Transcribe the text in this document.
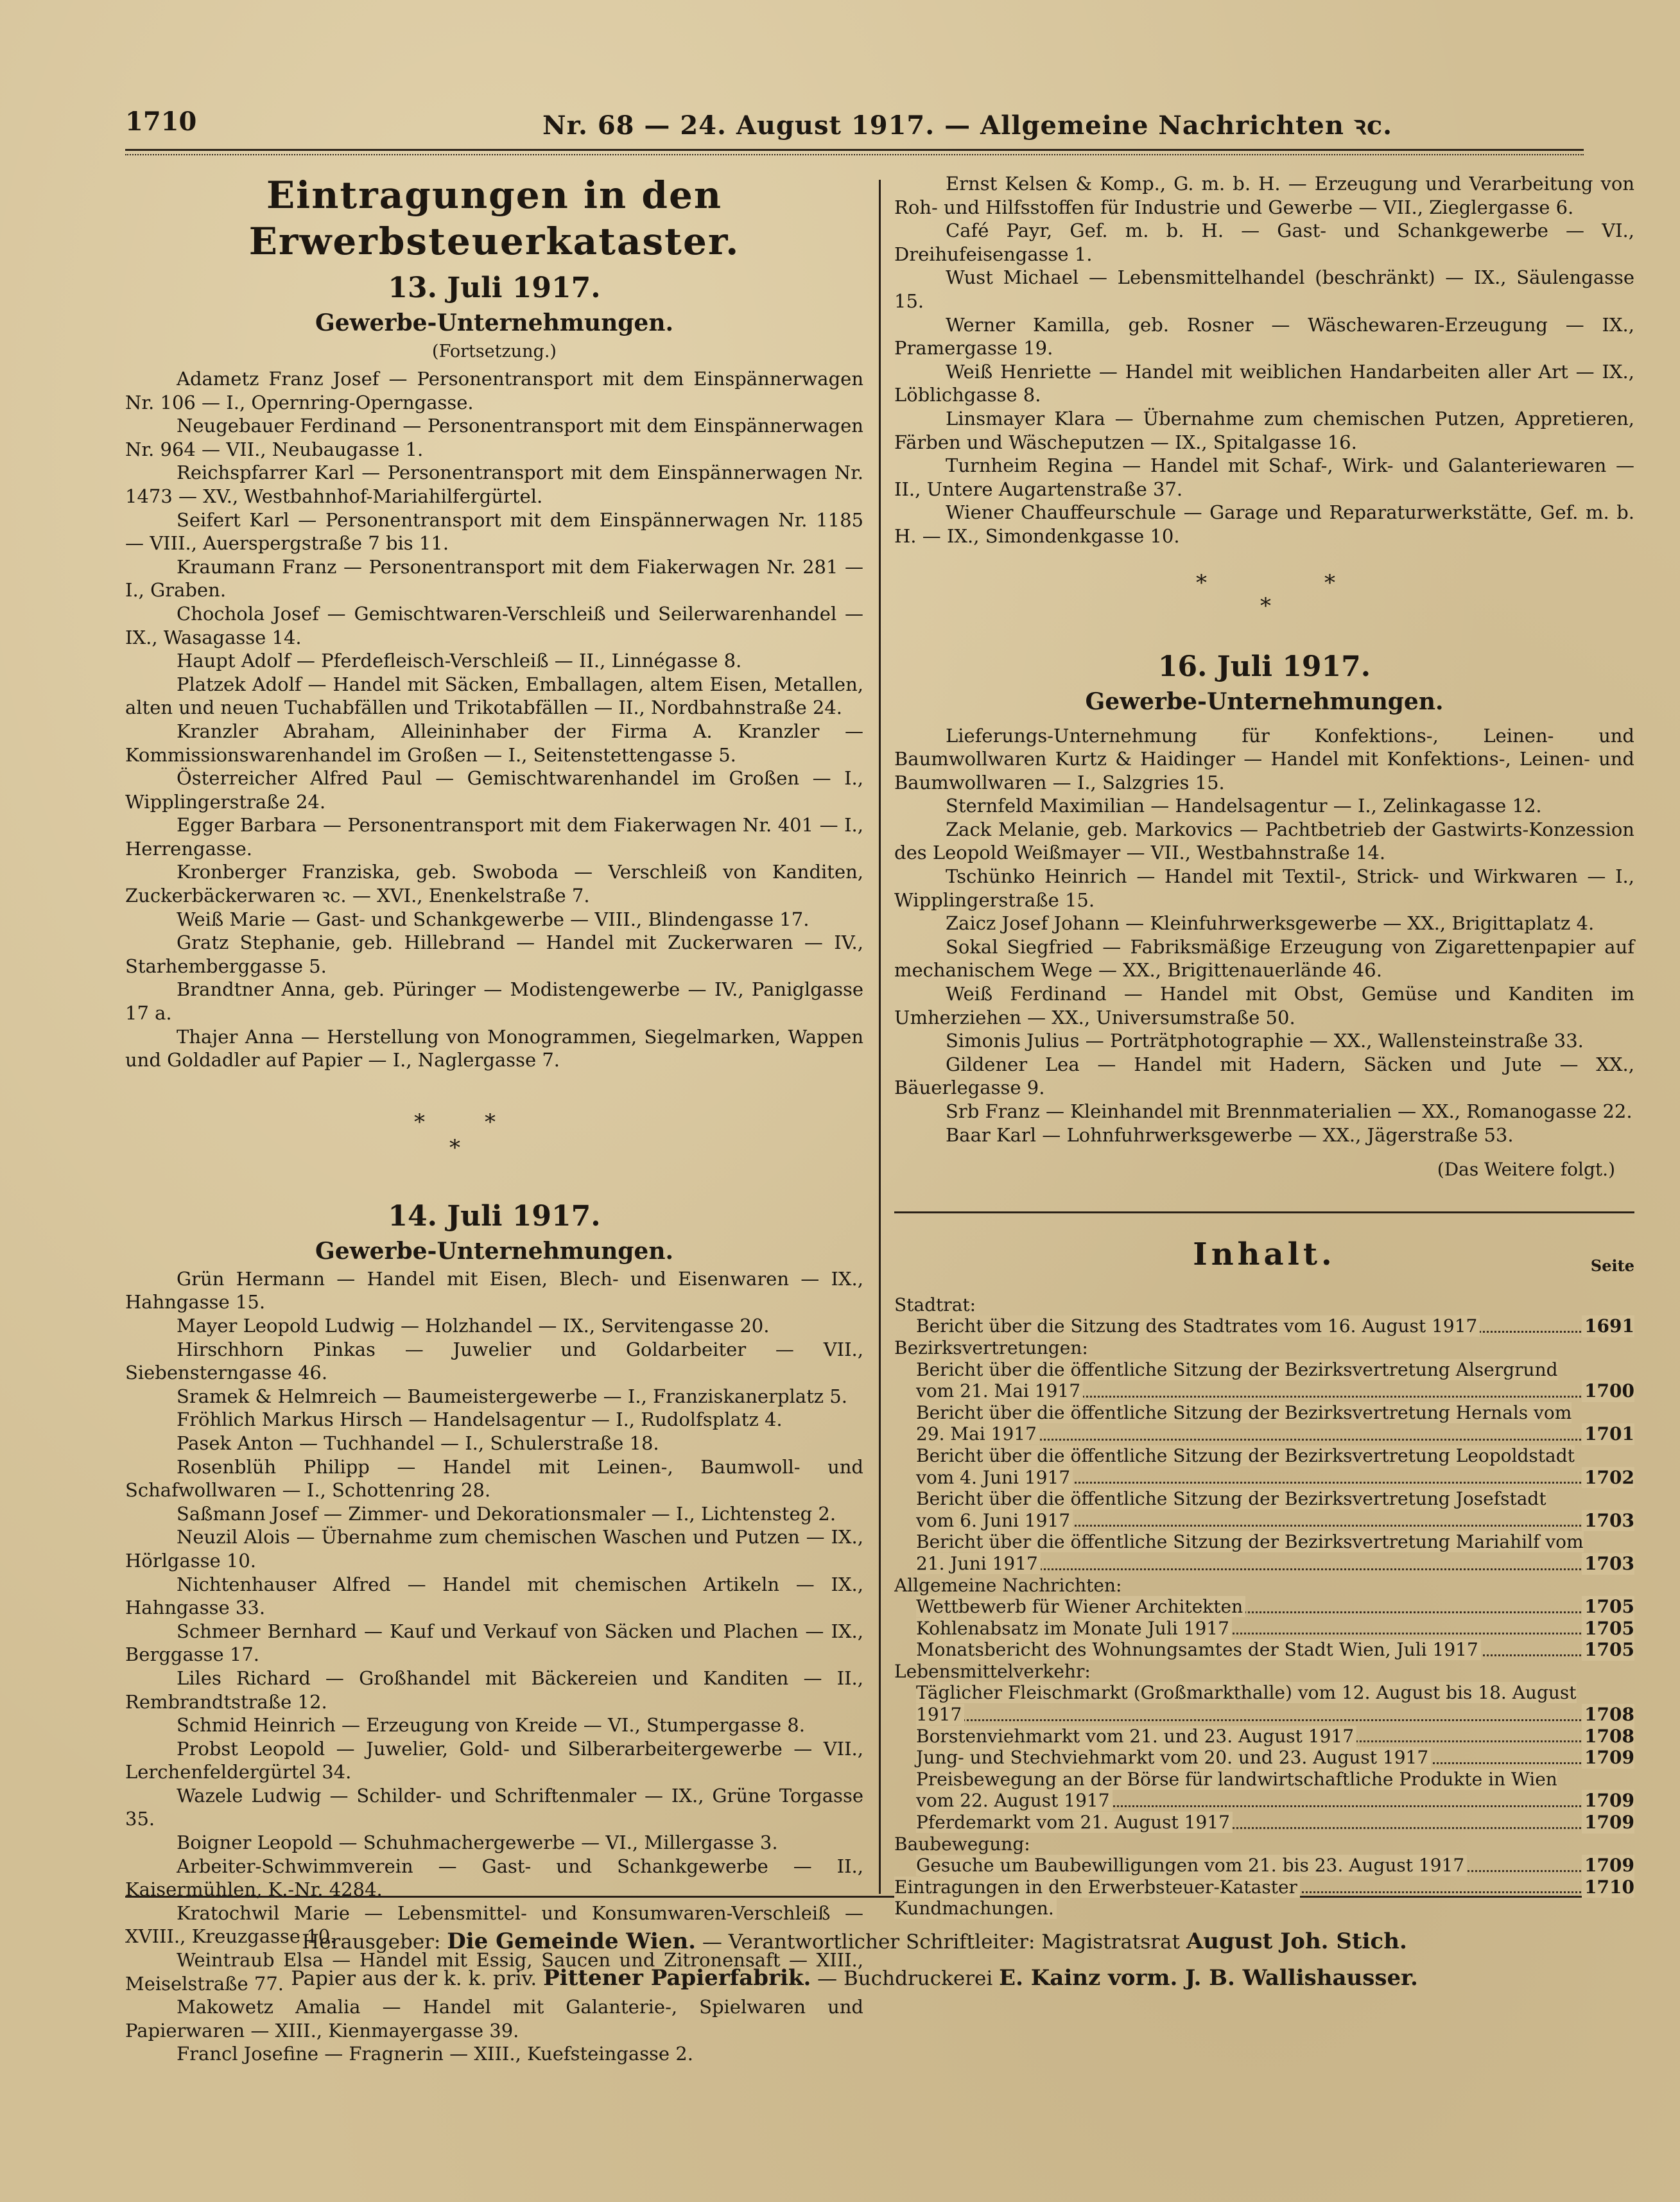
1710	Nr. 68 — 24. August 1917. — Allgemeine Nachrichten ꝛc.
Eintragungen in den Erwerbsteuerkataster.
13. Juli 1917.
Gewerbe-Unternehmungen.
(Fortsetzung.)

Adametz Franz Josef — Personentransport mit dem Einspännerwagen Nr. 106 — I., Opernring-Operngasse.

Neugebauer Ferdinand — Personentransport mit dem Einspännerwagen Nr. 964 — VII., Neubaugasse 1.

Reichspfarrer Karl — Personentransport mit dem Einspännerwagen Nr. 1473 — XV., Westbahnhof-Mariahilfergürtel.

Seifert Karl — Personentransport mit dem Einspännerwagen Nr. 1185 — VIII., Auerspergstraße 7 bis 11.

Kraumann Franz — Personentransport mit dem Fiakerwagen Nr. 281 — I., Graben.

Chochola Josef — Gemischtwaren-Verschleiß und Seilerwarenhandel — IX., Wasagasse 14.

Haupt Adolf — Pferdefleisch-Verschleiß — II., Linnégasse 8.

Platzek Adolf — Handel mit Säcken, Emballagen, altem Eisen, Metallen, alten und neuen Tuchabfällen und Trikotabfällen — II., Nordbahnstraße 24.

Kranzler Abraham, Alleininhaber der Firma A. Kranzler — Kommissionswarenhandel im Großen — I., Seitenstettengasse 5.

Österreicher Alfred Paul — Gemischtwarenhandel im Großen — I., Wipplingerstraße 24.

Egger Barbara — Personentransport mit dem Fiakerwagen Nr. 401 — I., Herrengasse.

Kronberger Franziska, geb. Swoboda — Verschleiß von Kanditen, Zuckerbäckerwaren ꝛc. — XVI., Enenkelstraße 7.

Weiß Marie — Gast- und Schankgewerbe — VIII., Blindengasse 17.

Gratz Stephanie, geb. Hillebrand — Handel mit Zuckerwaren — IV., Starhemberggasse 5.

Brandtner Anna, geb. Püringer — Modistengewerbe — IV., Paniglgasse 17 a.

Thajer Anna — Herstellung von Monogrammen, Siegelmarken, Wappen und Goldadler auf Papier — I., Naglergasse 7.

*	*
*
14. Juli 1917.
Gewerbe-Unternehmungen.

Grün Hermann — Handel mit Eisen, Blech- und Eisenwaren — IX., Hahngasse 15.

Mayer Leopold Ludwig — Holzhandel — IX., Servitengasse 20.

Hirschhorn Pinkas — Juwelier und Goldarbeiter — VII., Siebensterngasse 46.

Sramek & Helmreich — Baumeistergewerbe — I., Franziskanerplatz 5.

Fröhlich Markus Hirsch — Handelsagentur — I., Rudolfsplatz 4.

Pasek Anton — Tuchhandel — I., Schulerstraße 18.

Rosenblüh Philipp — Handel mit Leinen-, Baumwoll- und Schafwollwaren — I., Schottenring 28.

Saßmann Josef — Zimmer- und Dekorationsmaler — I., Lichtensteg 2.

Neuzil Alois — Übernahme zum chemischen Waschen und Putzen — IX., Hörlgasse 10.

Nichtenhauser Alfred — Handel mit chemischen Artikeln — IX., Hahngasse 33.

Schmeer Bernhard — Kauf und Verkauf von Säcken und Plachen — IX., Berggasse 17.

Liles Richard — Großhandel mit Bäckereien und Kanditen — II., Rembrandtstraße 12.

Schmid Heinrich — Erzeugung von Kreide — VI., Stumpergasse 8.

Probst Leopold — Juwelier, Gold- und Silberarbeitergewerbe — VII., Lerchenfeldergürtel 34.

Wazele Ludwig — Schilder- und Schriftenmaler — IX., Grüne Torgasse 35.

Boigner Leopold — Schuhmachergewerbe — VI., Millergasse 3.

Arbeiter-Schwimmverein — Gast- und Schankgewerbe — II., Kaisermühlen, K.-Nr. 4284.

Kratochwil Marie — Lebensmittel- und Konsumwaren-Verschleiß — XVIII., Kreuzgasse 10.

Weintraub Elsa — Handel mit Essig, Saucen und Zitronensaft — XIII., Meiselstraße 77.

Makowetz Amalia — Handel mit Galanterie-, Spielwaren und Papierwaren — XIII., Kienmayergasse 39.

Francl Josefine — Fragnerin — XIII., Kuefsteingasse 2.

Ernst Kelsen & Komp., G. m. b. H. — Erzeugung und Verarbeitung von Roh- und Hilfsstoffen für Industrie und Gewerbe — VII., Zieglergasse 6.

Café Payr, Gef. m. b. H. — Gast- und Schankgewerbe — VI., Dreihufeisengasse 1.

Wust Michael — Lebensmittelhandel (beschränkt) — IX., Säulengasse 15.

Werner Kamilla, geb. Rosner — Wäschewaren-Erzeugung — IX., Pramergasse 19.

Weiß Henriette — Handel mit weiblichen Handarbeiten aller Art — IX., Löblichgasse 8.

Linsmayer Klara — Übernahme zum chemischen Putzen, Appretieren, Färben und Wäscheputzen — IX., Spitalgasse 16.

Turnheim Regina — Handel mit Schaf-, Wirk- und Galanteriewaren — II., Untere Augartenstraße 37.

Wiener Chauffeurschule — Garage und Reparaturwerkstätte, Gef. m. b. H. — IX., Simondenkgasse 10.

*	*
*
16. Juli 1917.
Gewerbe-Unternehmungen.

Lieferungs-Unternehmung für Konfektions-, Leinen- und Baumwollwaren Kurtz & Haidinger — Handel mit Konfektions-, Leinen- und Baumwollwaren — I., Salzgries 15.

Sternfeld Maximilian — Handelsagentur — I., Zelinkagasse 12.

Zack Melanie, geb. Markovics — Pachtbetrieb der Gastwirts-Konzession des Leopold Weißmayer — VII., Westbahnstraße 14.

Tschünko Heinrich — Handel mit Textil-, Strick- und Wirkwaren — I., Wipplingerstraße 15.

Zaicz Josef Johann — Kleinfuhrwerksgewerbe — XX., Brigittaplatz 4.

Sokal Siegfried — Fabriksmäßige Erzeugung von Zigarettenpapier auf mechanischem Wege — XX., Brigittenauerlände 46.

Weiß Ferdinand — Handel mit Obst, Gemüse und Kanditen im Umherziehen — XX., Universumstraße 50.

Simonis Julius — Porträtphotographie — XX., Wallensteinstraße 33.

Gildener Lea — Handel mit Hadern, Säcken und Jute — XX., Bäuerlegasse 9.

Srb Franz — Kleinhandel mit Brennmaterialien — XX., Romanogasse 22.

Baar Karl — Lohnfuhrwerksgewerbe — XX., Jägerstraße 53.

(Das Weitere folgt.)
Inhalt.	Seite

Stadtrat:

Bericht über die Sitzung des Stadtrates vom 16. August 1917	1691

Bezirksvertretungen:

Bericht über die öffentliche Sitzung der Bezirksvertretung Alsergrund vom 21. Mai 1917	1700
Bericht über die öffentliche Sitzung der Bezirksvertretung Hernals vom 29. Mai 1917	1701
Bericht über die öffentliche Sitzung der Bezirksvertretung Leopoldstadt vom 4. Juni 1917	1702
Bericht über die öffentliche Sitzung der Bezirksvertretung Josefstadt vom 6. Juni 1917	1703
Bericht über die öffentliche Sitzung der Bezirksvertretung Mariahilf vom 21. Juni 1917	1703

Allgemeine Nachrichten:

Wettbewerb für Wiener Architekten	1705
Kohlenabsatz im Monate Juli 1917	1705
Monatsbericht des Wohnungsamtes der Stadt Wien, Juli 1917	1705

Lebensmittelverkehr:

Täglicher Fleischmarkt (Großmarkthalle) vom 12. August bis 18. August 1917	1708
Borstenviehmarkt vom 21. und 23. August 1917	1708
Jung- und Stechviehmarkt vom 20. und 23. August 1917	1709
Preisbewegung an der Börse für landwirtschaftliche Produkte in Wien vom 22. August 1917	1709
Pferdemarkt vom 21. August 1917	1709

Baubewegung:

Gesuche um Baubewilligungen vom 21. bis 23. August 1917	1709
Eintragungen in den Erwerbsteuer-Kataster	1710
Kundmachungen.
Herausgeber: Die Gemeinde Wien. — Verantwortlicher Schriftleiter: Magistratsrat August Joh. Stich.
Papier aus der k. k. priv. Pittener Papierfabrik. — Buchdruckerei E. Kainz vorm. J. B. Wallishausser.
